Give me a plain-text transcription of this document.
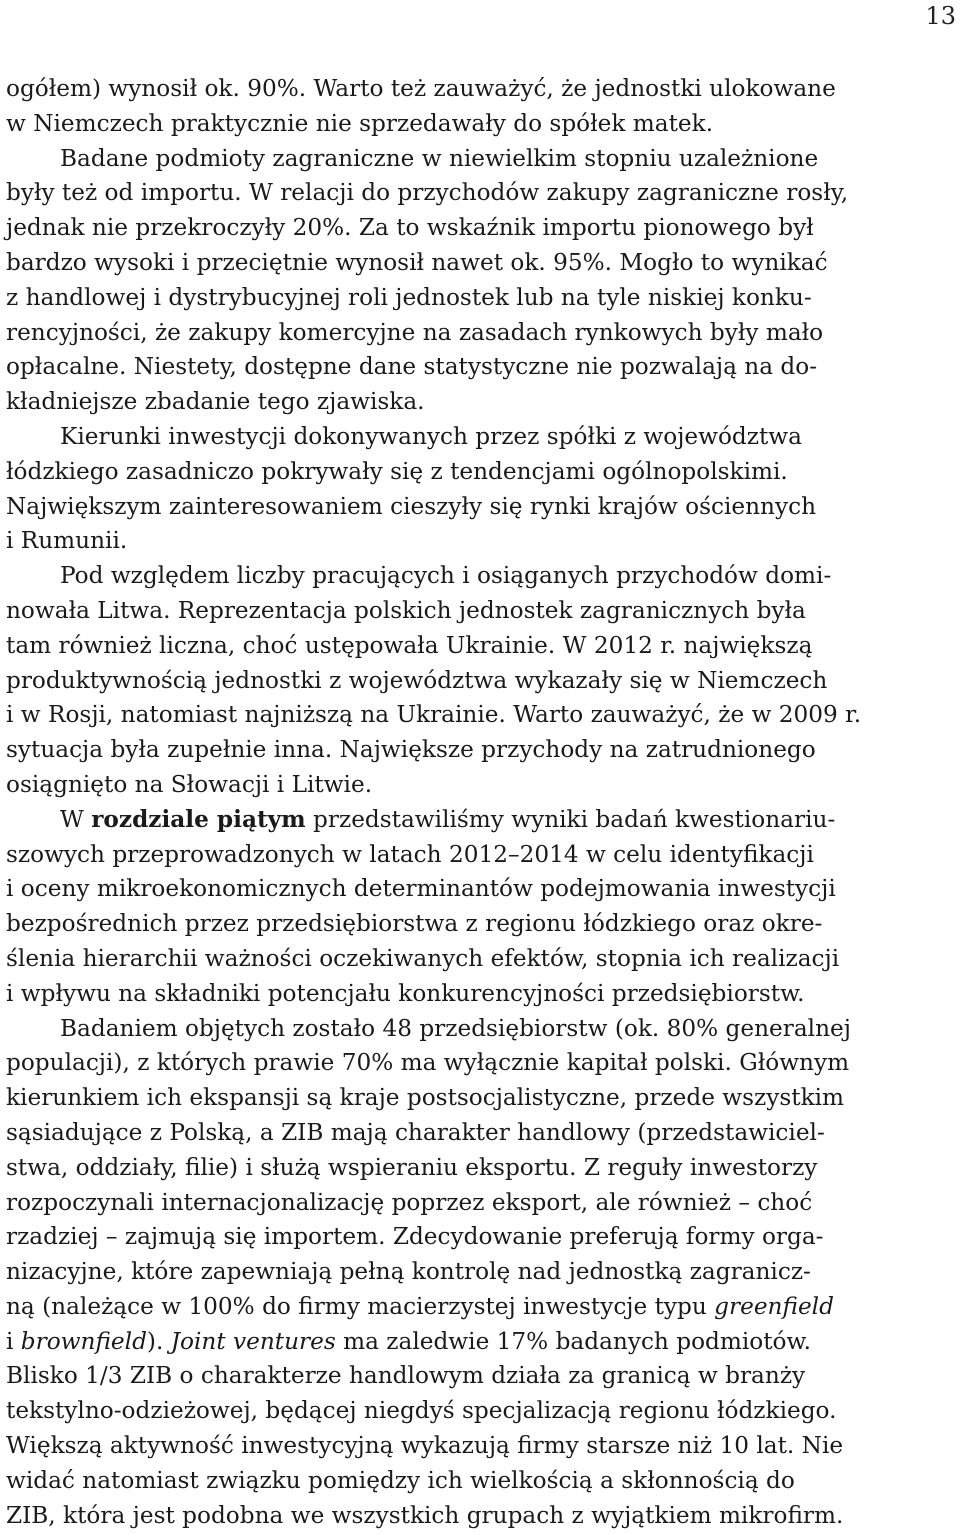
13
ogółem) wynosił ok. 90%. Warto też zauważyć, że jednostki ulokowane
w Niemczech praktycznie nie sprzedawały do spółek matek.
Badane podmioty zagraniczne w niewielkim stopniu uzależnione
były też od importu. W relacji do przychodów zakupy zagraniczne rosły,
jednak nie przekroczyły 20%. Za to wskaźnik importu pionowego był
bardzo wysoki i przeciętnie wynosił nawet ok. 95%. Mogło to wynikać
z handlowej i dystrybucyjnej roli jednostek lub na tyle niskiej konku-
rencyjności, że zakupy komercyjne na zasadach rynkowych były mało
opłacalne. Niestety, dostępne dane statystyczne nie pozwalają na do-
kładniejsze zbadanie tego zjawiska.
Kierunki inwestycji dokonywanych przez spółki z województwa
łódzkiego zasadniczo pokrywały się z tendencjami ogólnopolskimi.
Największym zainteresowaniem cieszyły się rynki krajów ościennych
i Rumunii.
Pod względem liczby pracujących i osiąganych przychodów domi-
nowała Litwa. Reprezentacja polskich jednostek zagranicznych była
tam również liczna, choć ustępowała Ukrainie. W 2012 r. największą
produktywnością jednostki z województwa wykazały się w Niemczech
i w Rosji, natomiast najniższą na Ukrainie. Warto zauważyć, że w 2009 r.
sytuacja była zupełnie inna. Największe przychody na zatrudnionego
osiągnięto na Słowacji i Litwie.
W rozdziale piątym przedstawiliśmy wyniki badań kwestionariu-
szowych przeprowadzonych w latach 2012–2014 w celu identyfikacji
i oceny mikroekonomicznych determinantów podejmowania inwestycji
bezpośrednich przez przedsiębiorstwa z regionu łódzkiego oraz okre-
ślenia hierarchii ważności oczekiwanych efektów, stopnia ich realizacji
i wpływu na składniki potencjału konkurencyjności przedsiębiorstw.
Badaniem objętych zostało 48 przedsiębiorstw (ok. 80% generalnej
populacji), z których prawie 70% ma wyłącznie kapitał polski. Głównym
kierunkiem ich ekspansji są kraje postsocjalistyczne, przede wszystkim
sąsiadujące z Polską, a ZIB mają charakter handlowy (przedstawiciel-
stwa, oddziały, filie) i służą wspieraniu eksportu. Z reguły inwestorzy
rozpoczynali internacjonalizację poprzez eksport, ale również – choć
rzadziej – zajmują się importem. Zdecydowanie preferują formy orga-
nizacyjne, które zapewniają pełną kontrolę nad jednostką zagranicz-
ną (należące w 100% do firmy macierzystej inwestycje typu greenfield
i brownfield). Joint ventures ma zaledwie 17% badanych podmiotów.
Blisko 1/3 ZIB o charakterze handlowym działa za granicą w branży
tekstylno-odzieżowej, będącej niegdyś specjalizacją regionu łódzkiego.
Większą aktywność inwestycyjną wykazują firmy starsze niż 10 lat. Nie
widać natomiast związku pomiędzy ich wielkością a skłonnością do
ZIB, która jest podobna we wszystkich grupach z wyjątkiem mikrofirm.
